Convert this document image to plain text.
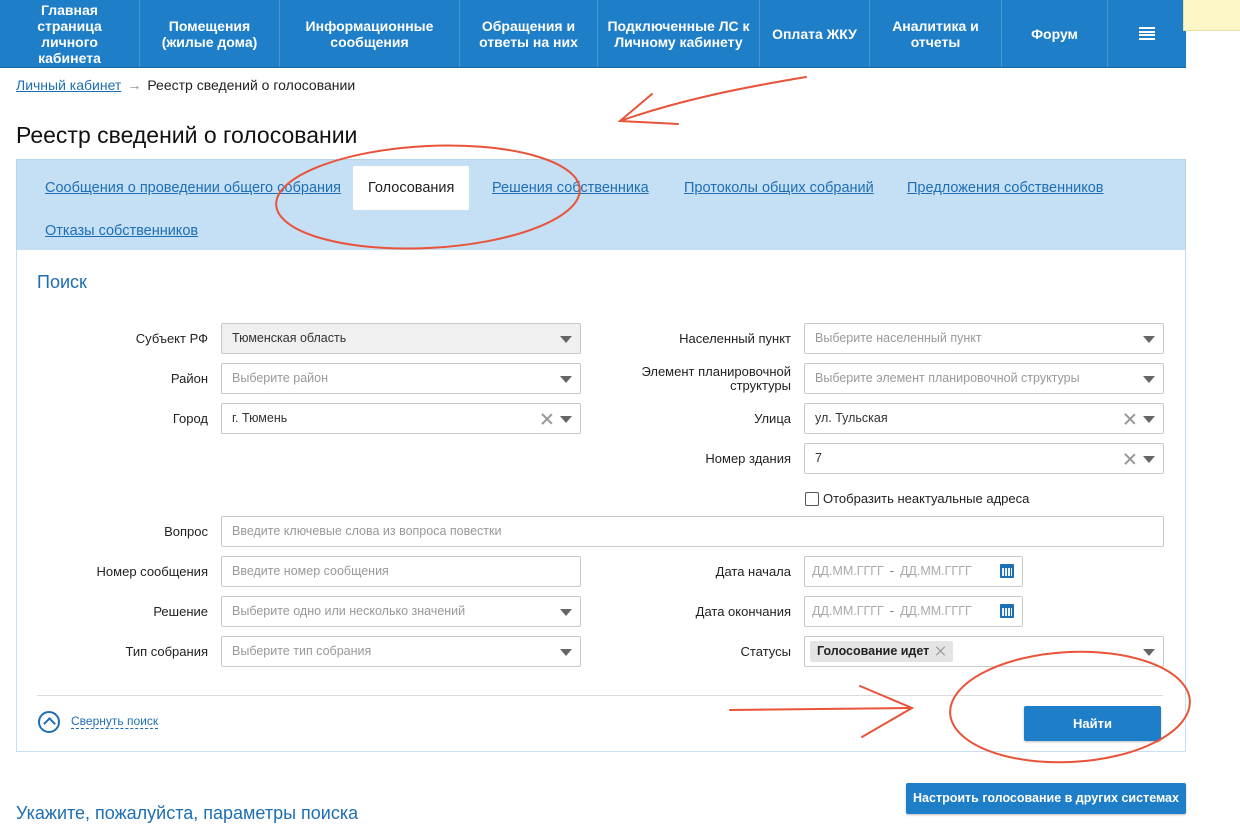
Главная
страница
личного
кабинета
Помещения
(жилые дома)
Информационные
сообщения
Обращения и
ответы на них
Подключенные ЛС к
Личному кабинету	Оплата ЖКУ	Аналитика и
отчеты	Форум
Личный кабинет → Реестр сведений о голосовании
Реестр сведений о голосовании
Сообщения о проведении общего собрания	Голосования	Решения собственника Протоколы общих собраний Предложения собственников
Отказы собственников
Поиск
Субъект РФ	Тюменская область
Район	Выберите район
Город	г. Тюмень
Населенный пункт	Выберите населенный пункт
Элемент планировочной структуры	Выберите элемент планировочной структуры
Улица	ул. Тульская
Номер здания	7
Отобразить неактуальные адреса
Вопрос	Введите ключевые слова из вопроса повестки
Номер сообщения	Введите номер сообщения
Решение	Выберите одно или несколько значений
Тип собрания	Выберите тип собрания
Дата начала	ДД.ММ.ГГГГ - ДД.ММ.ГГГГ
Дата окончания	ДД.ММ.ГГГГ - ДД.ММ.ГГГГ
Статусы	Голосование идет
Свернуть поиск	Найти
Укажите, пожалуйста, параметры поиска
Настроить голосование в других системах
